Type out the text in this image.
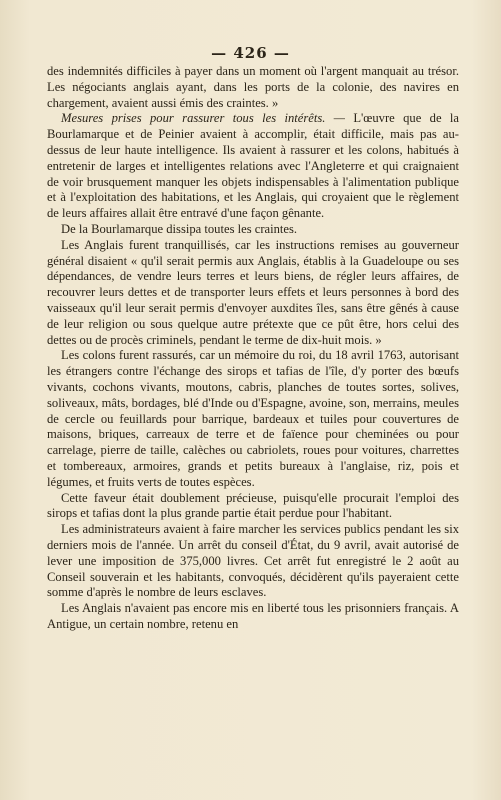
— 426 —

des indemnités difficiles à payer dans un moment où l'argent manquait au trésor. Les négociants anglais ayant, dans les ports de la colonie, des navires en chargement, avaient aussi émis des craintes. »

Mesures prises pour rassurer tous les intérêts. — L'œuvre que de la Bourlamarque et de Peinier avaient à accomplir, était difficile, mais pas au-dessus de leur haute intelligence. Ils avaient à rassurer et les colons, habitués à entretenir de larges et intelligentes relations avec l'Angleterre et qui craignaient de voir brusquement manquer les objets indispensables à l'alimentation publique et à l'exploitation des habitations, et les Anglais, qui croyaient que le règlement de leurs affaires allait être entravé d'une façon gênante.

De la Bourlamarque dissipa toutes les craintes.

Les Anglais furent tranquillisés, car les instructions remises au gouverneur général disaient « qu'il serait permis aux Anglais, établis à la Guadeloupe ou ses dépendances, de vendre leurs terres et leurs biens, de régler leurs affaires, de recouvrer leurs dettes et de transporter leurs effets et leurs personnes à bord des vaisseaux qu'il leur serait permis d'envoyer auxdites îles, sans être gênés à cause de leur religion ou sous quelque autre prétexte que ce pût être, hors celui des dettes ou de procès criminels, pendant le terme de dix-huit mois. »

Les colons furent rassurés, car un mémoire du roi, du 18 avril 1763, autorisant les étrangers contre l'échange des sirops et tafias de l'île, d'y porter des bœufs vivants, cochons vivants, moutons, cabris, planches de toutes sortes, solives, soliveaux, mâts, bordages, blé d'Inde ou d'Espagne, avoine, son, merrains, meules de cercle ou feuillards pour barrique, bardeaux et tuiles pour couvertures de maisons, briques, carreaux de terre et de faïence pour cheminées ou pour carrelage, pierre de taille, calèches ou cabriolets, roues pour voitures, charrettes et tombereaux, armoires, grands et petits bureaux à l'anglaise, riz, pois et légumes, et fruits verts de toutes espèces.

Cette faveur était doublement précieuse, puisqu'elle procurait l'emploi des sirops et tafias dont la plus grande partie était perdue pour l'habitant.

Les administrateurs avaient à faire marcher les services publics pendant les six derniers mois de l'année. Un arrêt du conseil d'État, du 9 avril, avait autorisé de lever une imposition de 375,000 livres. Cet arrêt fut enregistré le 2 août au Conseil souverain et les habitants, convoqués, décidèrent qu'ils payeraient cette somme d'après le nombre de leurs esclaves.

Les Anglais n'avaient pas encore mis en liberté tous les prisonniers français. A Antigue, un certain nombre, retenu en
